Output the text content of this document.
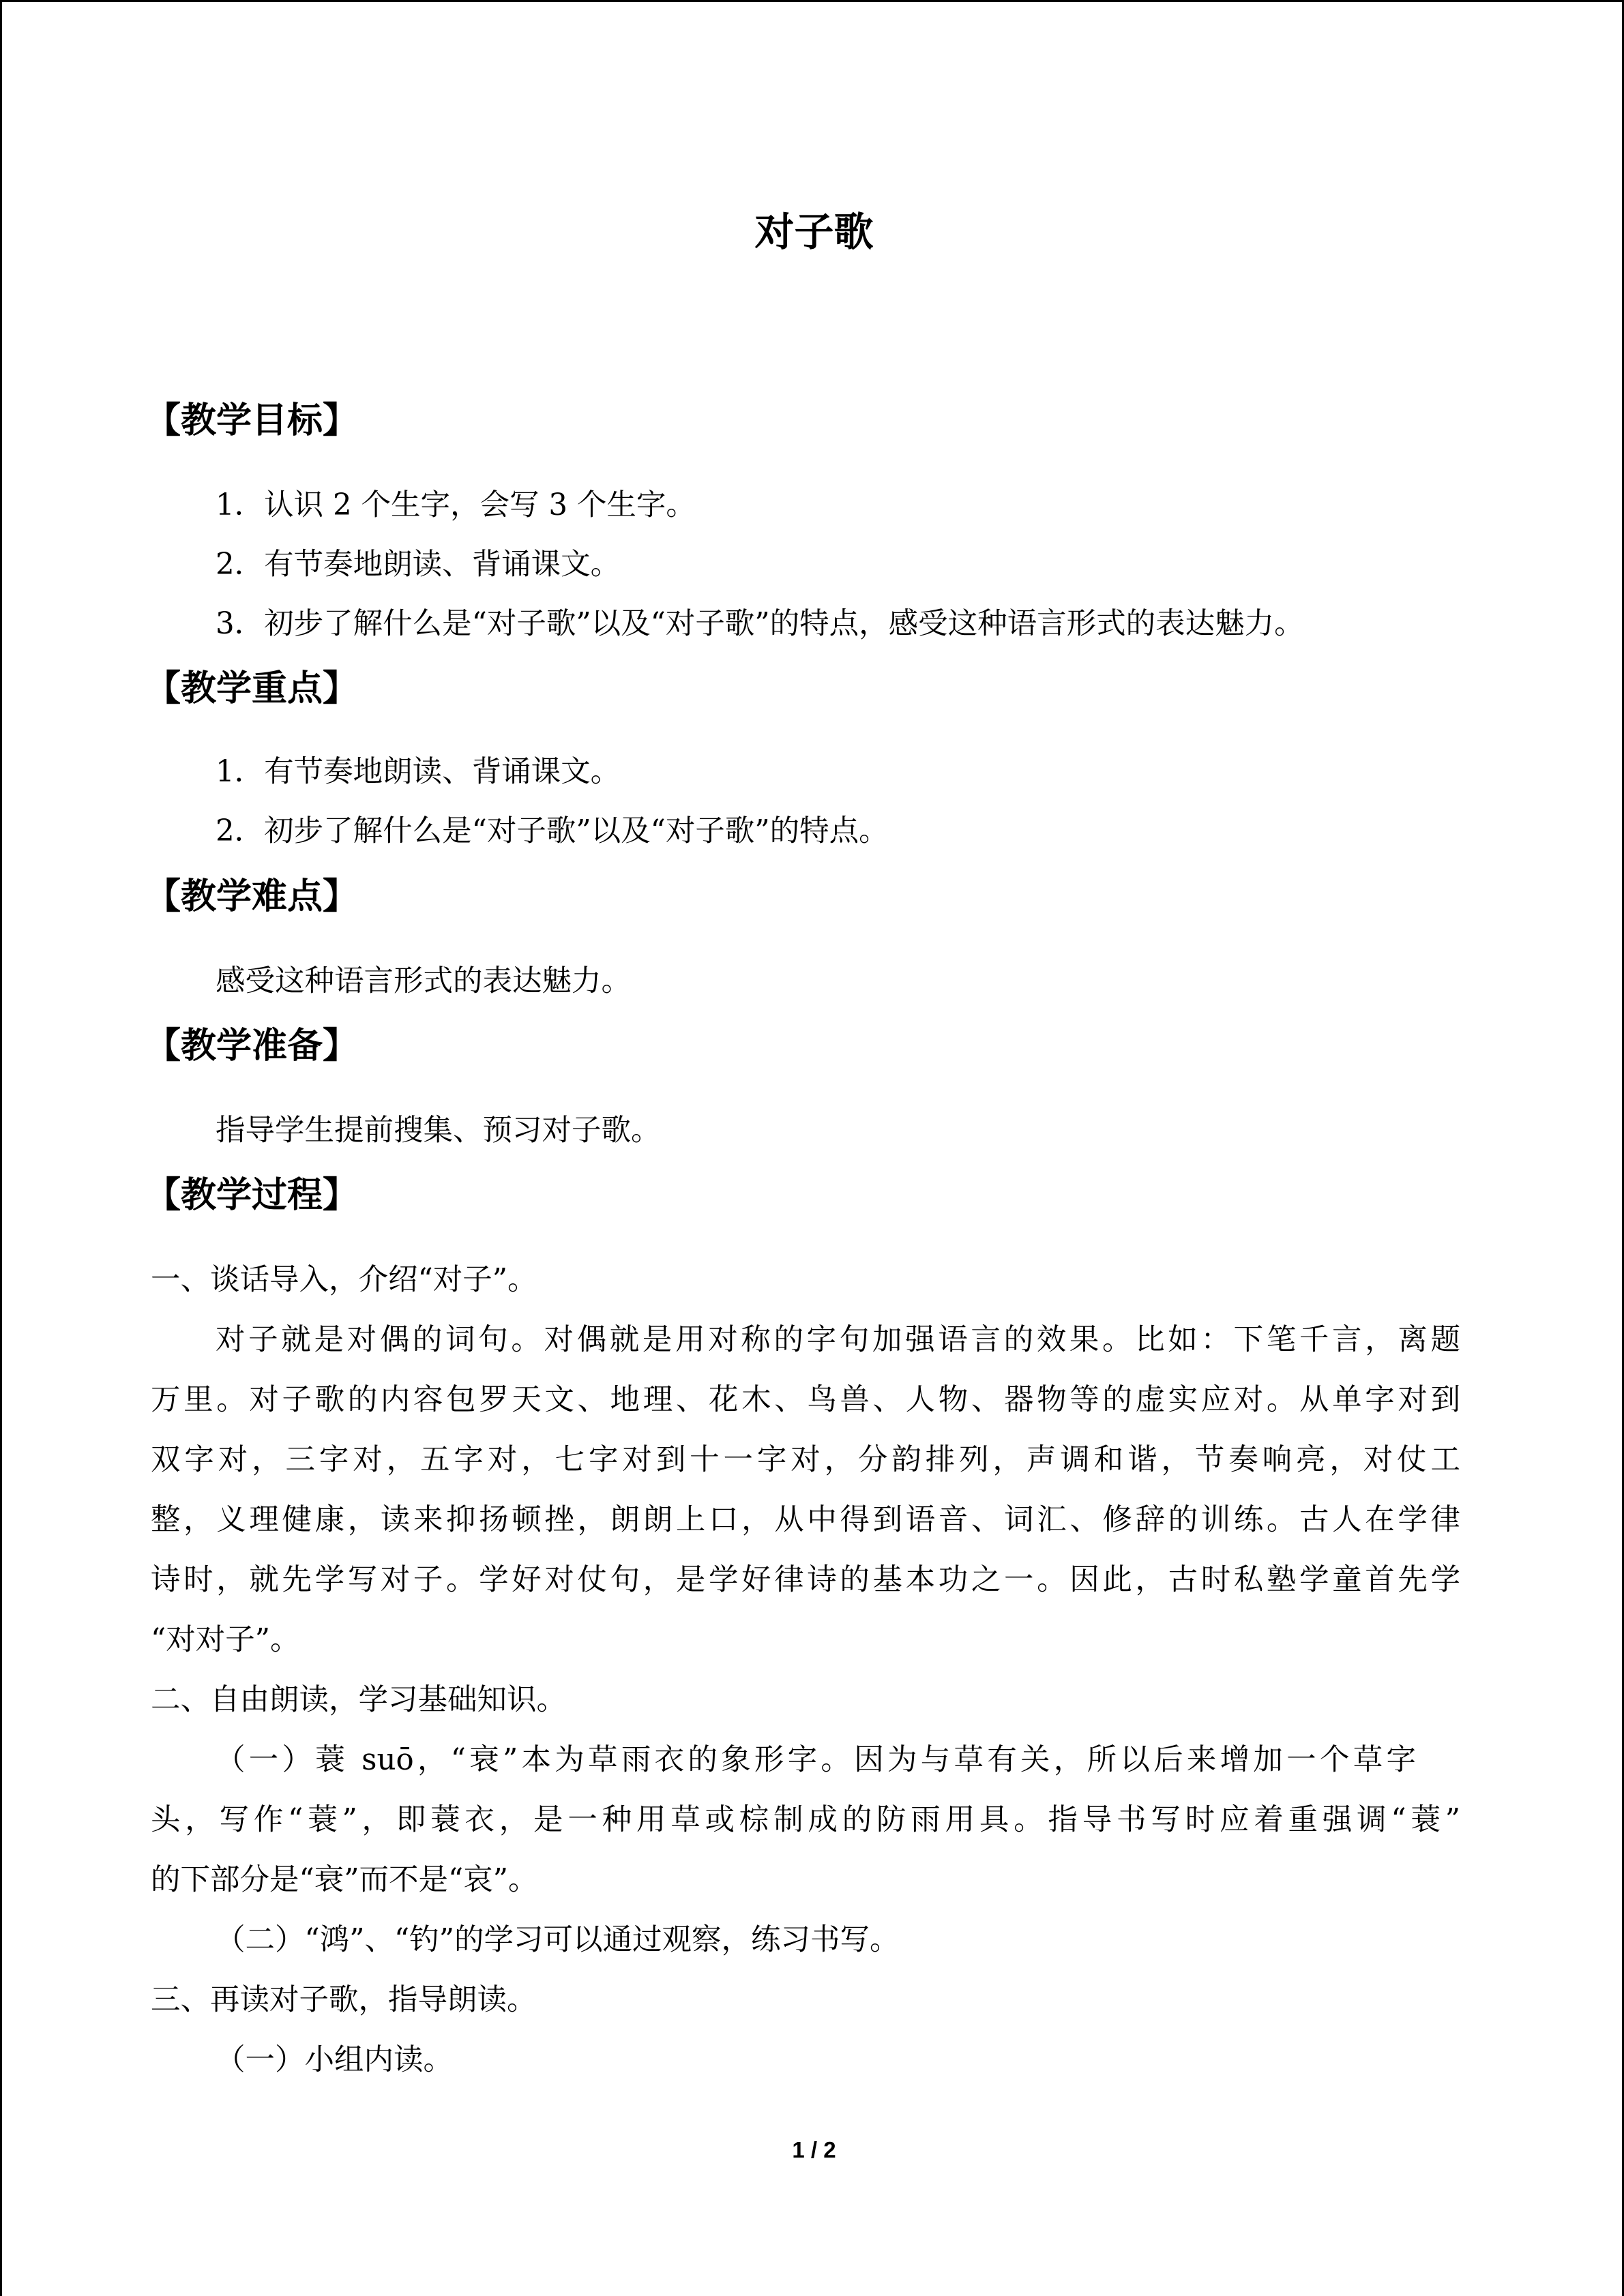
对子歌
【教学目标】
1．认识 2 个生字，会写 3 个生字。
2．有节奏地朗读、背诵课文。
3．初步了解什么是“对子歌”以及“对子歌”的特点，感受这种语言形式的表达魅力。
【教学重点】
1．有节奏地朗读、背诵课文。
2．初步了解什么是“对子歌”以及“对子歌”的特点。
【教学难点】
感受这种语言形式的表达魅力。
【教学准备】
指导学生提前搜集、预习对子歌。
【教学过程】
一、谈话导入，介绍“对子”。
对子就是对偶的词句。对偶就是用对称的字句加强语言的效果。比如：下笔千言，离题
万里。对子歌的内容包罗天文、地理、花木、鸟兽、人物、器物等的虚实应对。从单字对到
双字对，三字对，五字对，七字对到十一字对，分韵排列，声调和谐，节奏响亮，对仗工
整，义理健康，读来抑扬顿挫，朗朗上口，从中得到语音、词汇、修辞的训练。古人在学律
诗时，就先学写对子。学好对仗句，是学好律诗的基本功之一。因此，古时私塾学童首先学
“对对子”。
二、自由朗读，学习基础知识。
（一）蓑 suō，“衰”本为草雨衣的象形字。因为与草有关，所以后来增加一个草字
头，写作“蓑”，即蓑衣，是一种用草或棕制成的防雨用具。指导书写时应着重强调“蓑”
的下部分是“衰”而不是“哀”。
（二）“鸿”、“钓”的学习可以通过观察，练习书写。
三、再读对子歌，指导朗读。
（一）小组内读。
1 / 2
